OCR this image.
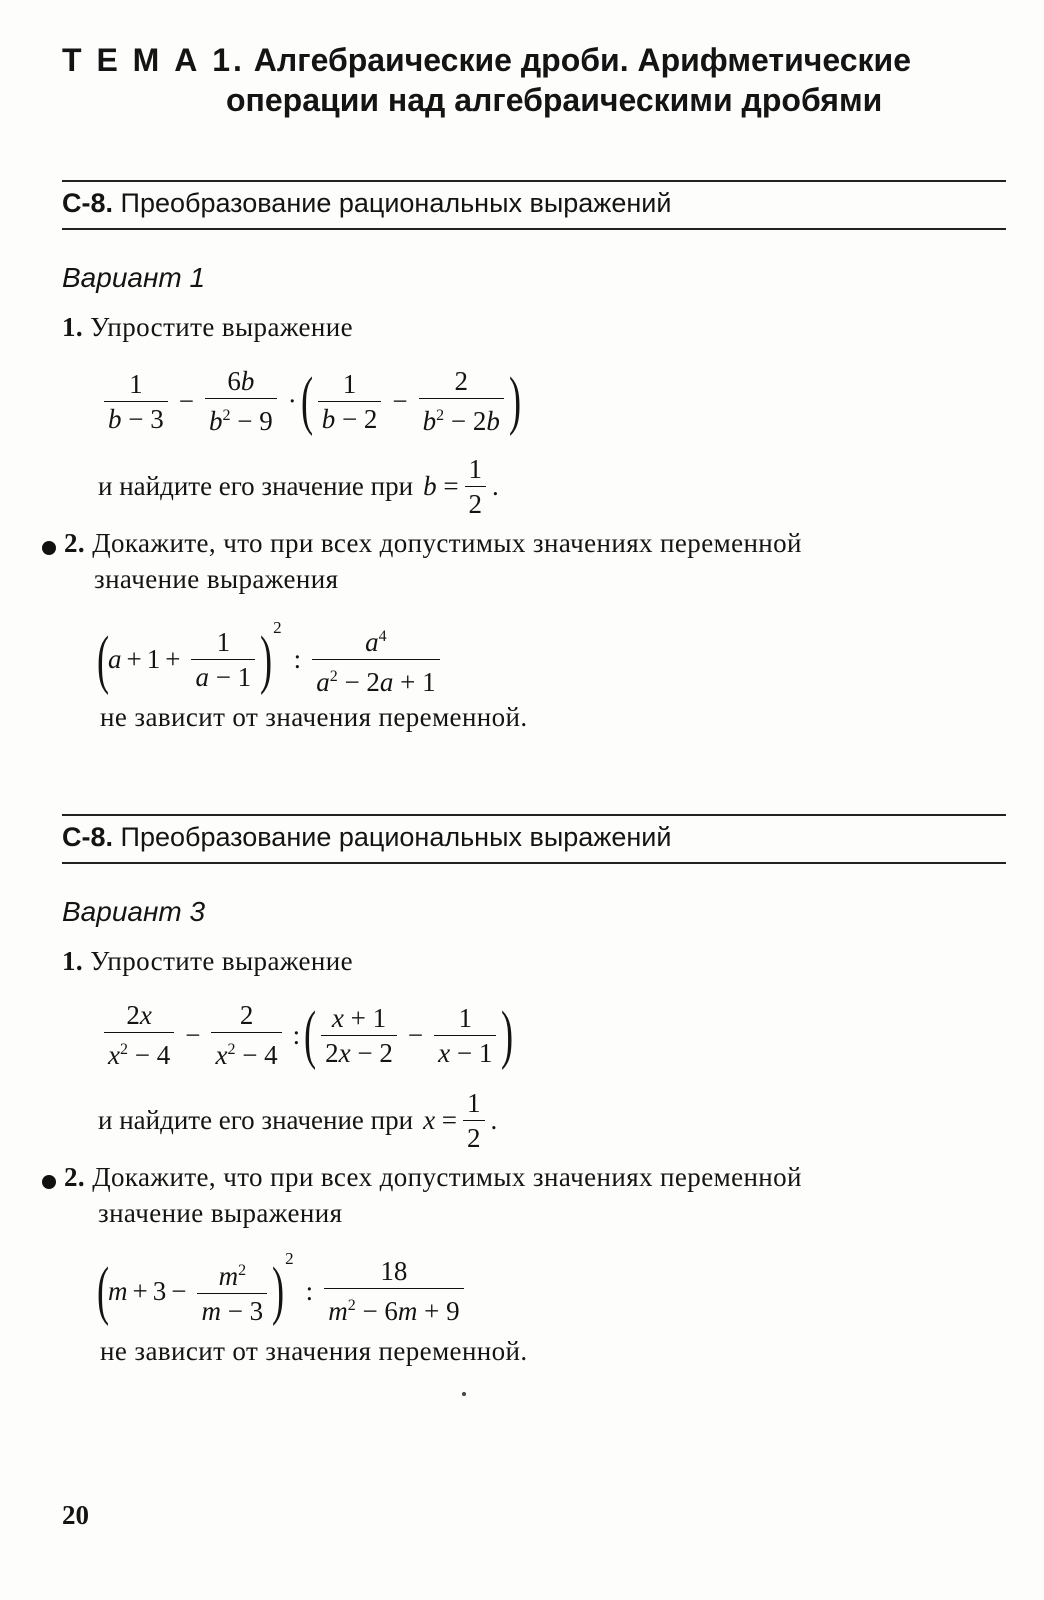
Т Е М А 1. Алгебраические дроби. Арифметические
операции над алгебраическими дробями
С-8. Преобразование рациональных выражений
Вариант 1
1. Упростите выражение
$\frac{1}{b - 3} - \frac{6b}{b^2 - 9}$ · ( $\frac{1}{b - 2} - \frac{2}{b^2 - 2b}$ )
и найдите его значение при $b = \frac{1}{2}$ .
2. Докажите, что при всех допустимых значениях переменной
значение выражения
(
$a + 1 + \frac{1}{a - 1}$ ) 2
: $\frac{a^4}{a^2 - 2a + 1}$
не зависит от значения переменной.
С-8. Преобразование рациональных выражений
Вариант 3
1. Упростите выражение
$\frac{2x}{x^2 - 4} - \frac{2}{x^2 - 4}$ : ( $\frac{x + 1}{2x - 2} - \frac{1}{x - 1}$ )
и найдите его значение при $x = \frac{1}{2}$ .
2. Докажите, что при всех допустимых значениях переменной
значение выражения
(
$m + 3 - \frac{m^2}{m - 3}$ ) 2
: $\frac{18}{m^2 - 6m + 9}$
не зависит от значения переменной.
20
